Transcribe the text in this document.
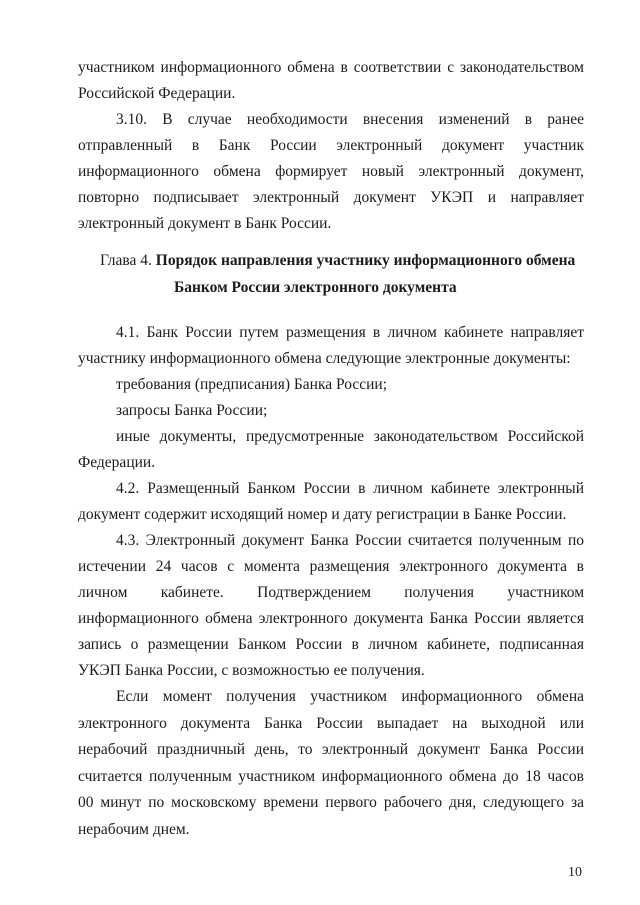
участником информационного обмена в соответствии с законодательством Российской Федерации.

3.10. В случае необходимости внесения изменений в ранее отправленный в Банк России электронный документ участник информационного обмена формирует новый электронный документ, повторно подписывает электронный документ УКЭП и направляет электронный документ в Банк России.

Глава 4. Порядок направления участнику информационного обмена
Банком России электронного документа

4.1. Банк России путем размещения в личном кабинете направляет участнику информационного обмена следующие электронные документы:

требования (предписания) Банка России;

запросы Банка России;

иные документы, предусмотренные законодательством Российской Федерации.

4.2. Размещенный Банком России в личном кабинете электронный документ содержит исходящий номер и дату регистрации в Банке России.

4.3. Электронный документ Банка России считается полученным по истечении 24 часов с момента размещения электронного документа в личном кабинете. Подтверждением получения участником информационного обмена электронного документа Банка России является запись о размещении Банком России в личном кабинете, подписанная УКЭП Банка России, с возможностью ее получения.

Если момент получения участником информационного обмена электронного документа Банка России выпадает на выходной или нерабочий праздничный день, то электронный документ Банка России считается полученным участником информационного обмена до 18 часов 00 минут по московскому времени первого рабочего дня, следующего за нерабочим днем.

10
